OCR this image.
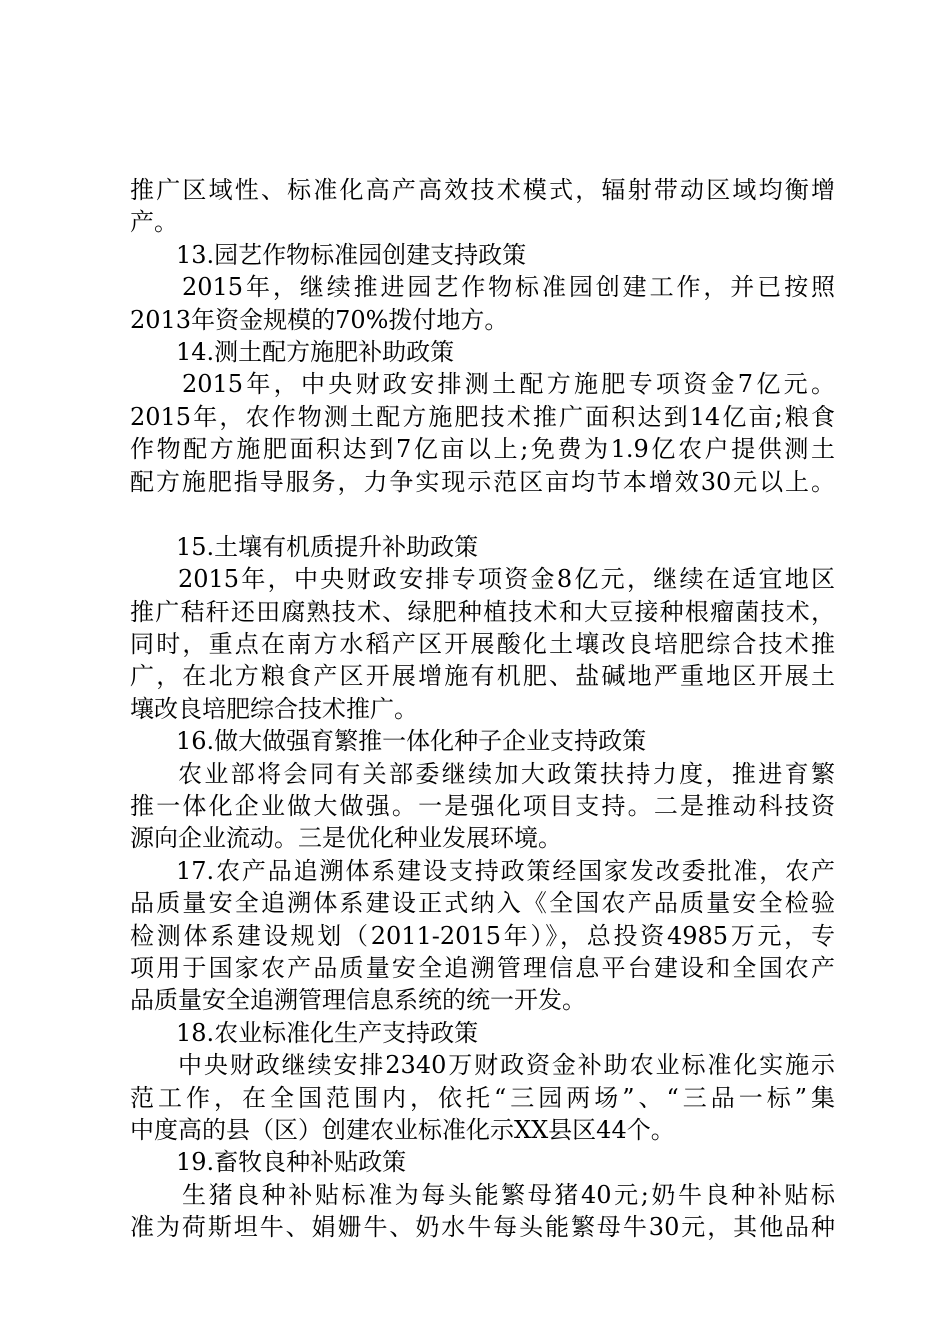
推广区域性、标准化高产高效技术模式，辐射带动区域均衡增
产。
13.园艺作物标准园创建支持政策
2015年，继续推进园艺作物标准园创建工作，并已按照
2013年资金规模的70%拨付地方。
14.测土配方施肥补助政策
2015年，中央财政安排测土配方施肥专项资金7亿元。
2015年，农作物测土配方施肥技术推广面积达到14亿亩;粮食
作物配方施肥面积达到7亿亩以上;免费为1.9亿农户提供测土
配方施肥指导服务，力争实现示范区亩均节本增效30元以上。
15.土壤有机质提升补助政策
2015年，中央财政安排专项资金8亿元，继续在适宜地区
推广秸秆还田腐熟技术、绿肥种植技术和大豆接种根瘤菌技术，
同时，重点在南方水稻产区开展酸化土壤改良培肥综合技术推
广，在北方粮食产区开展增施有机肥、盐碱地严重地区开展土
壤改良培肥综合技术推广。
16.做大做强育繁推一体化种子企业支持政策
农业部将会同有关部委继续加大政策扶持力度，推进育繁
推一体化企业做大做强。一是强化项目支持。二是推动科技资
源向企业流动。三是优化种业发展环境。
17.农产品追溯体系建设支持政策经国家发改委批准，农产
品质量安全追溯体系建设正式纳入《全国农产品质量安全检验
检测体系建设规划（2011-2015年）》，总投资4985万元，专
项用于国家农产品质量安全追溯管理信息平台建设和全国农产
品质量安全追溯管理信息系统的统一开发。
18.农业标准化生产支持政策
中央财政继续安排2340万财政资金补助农业标准化实施示
范工作，在全国范围内，依托“三园两场”、“三品一标”集
中度高的县（区）创建农业标准化示XX县区44个。
19.畜牧良种补贴政策
生猪良种补贴标准为每头能繁母猪40元;奶牛良种补贴标
准为荷斯坦牛、娟姗牛、奶水牛每头能繁母牛30元，其他品种
